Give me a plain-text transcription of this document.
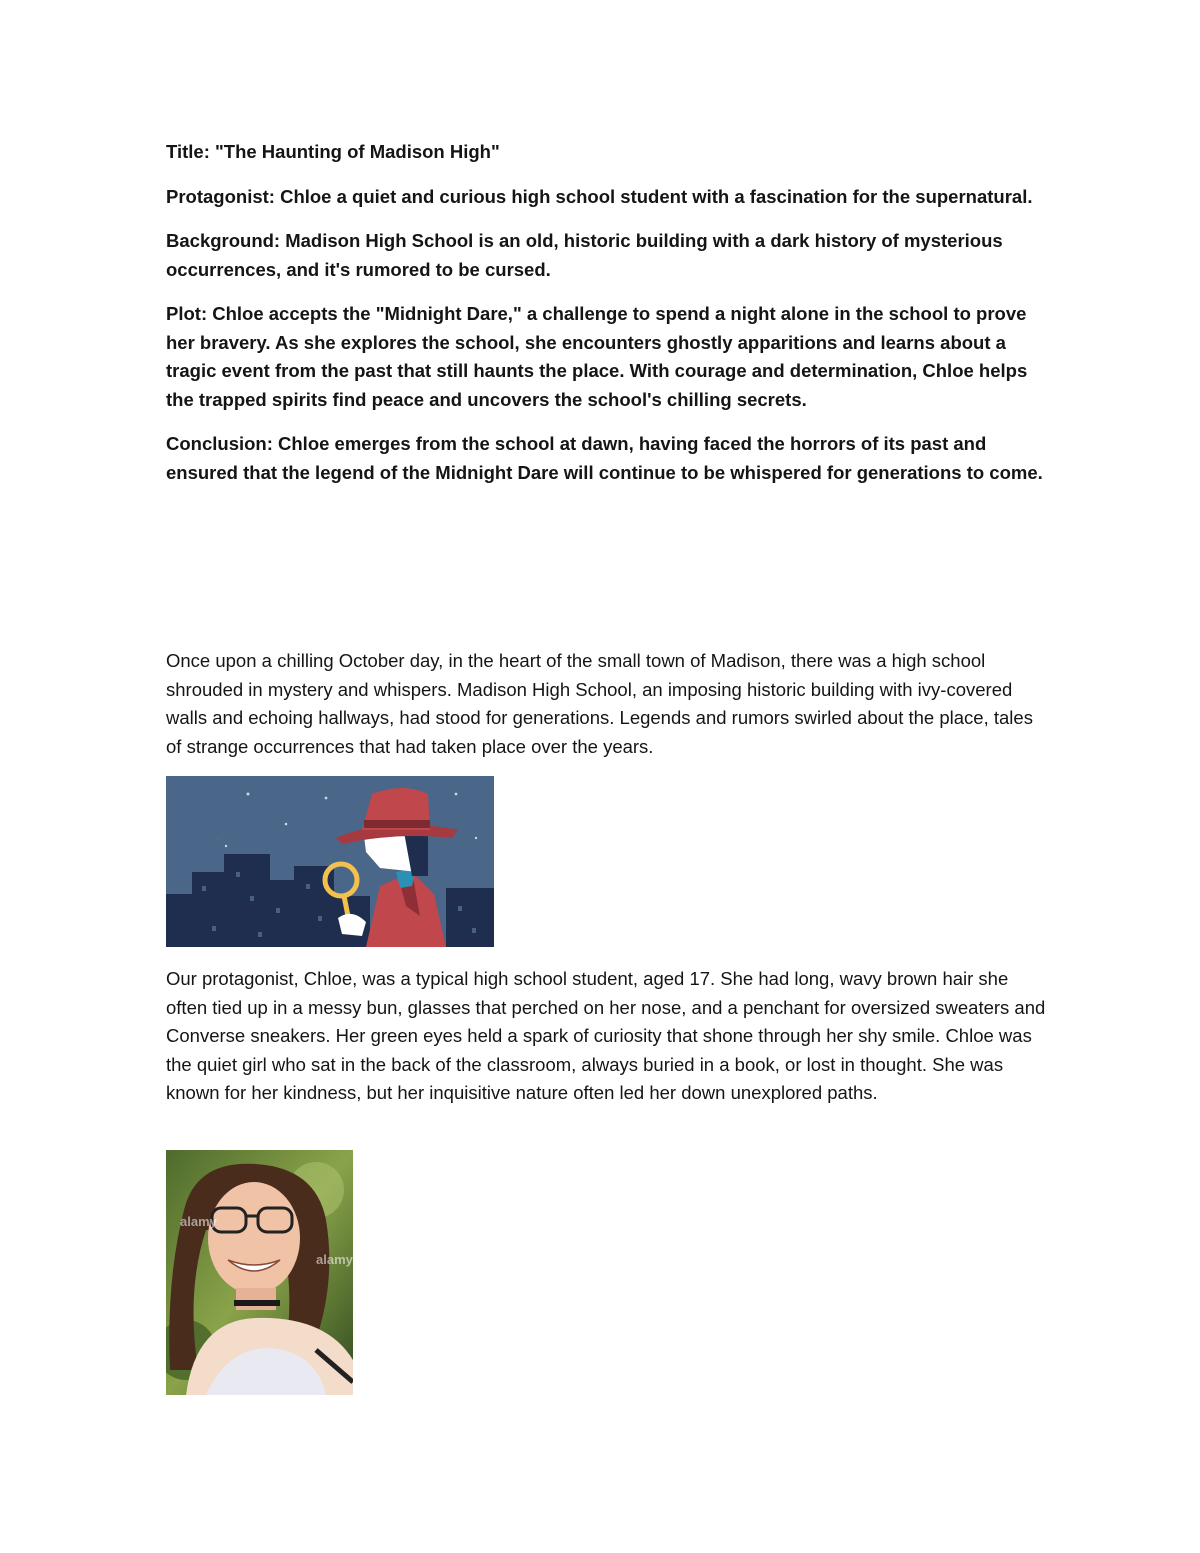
Title: "The Haunting of Madison High"

Protagonist: Chloe a quiet and curious high school student with a fascination for the supernatural.

Background: Madison High School is an old, historic building with a dark history of mysterious occurrences, and it's rumored to be cursed.

Plot: Chloe accepts the "Midnight Dare," a challenge to spend a night alone in the school to prove her bravery. As she explores the school, she encounters ghostly apparitions and learns about a tragic event from the past that still haunts the place. With courage and determination, Chloe helps the trapped spirits find peace and uncovers the school's chilling secrets.

Conclusion: Chloe emerges from the school at dawn, having faced the horrors of its past and ensured that the legend of the Midnight Dare will continue to be whispered for generations to come.

Once upon a chilling October day, in the heart of the small town of Madison, there was a high school shrouded in mystery and whispers. Madison High School, an imposing historic building with ivy-covered walls and echoing hallways, had stood for generations. Legends and rumors swirled about the place, tales of strange occurrences that had taken place over the years.

Our protagonist, Chloe, was a typical high school student, aged 17. She had long, wavy brown hair she often tied up in a messy bun, glasses that perched on her nose, and a penchant for oversized sweaters and Converse sneakers. Her green eyes held a spark of curiosity that shone through her shy smile. Chloe was the quiet girl who sat in the back of the classroom, always buried in a book, or lost in thought. She was known for her kindness, but her inquisitive nature often led her down unexplored paths.

alamy
alamy
